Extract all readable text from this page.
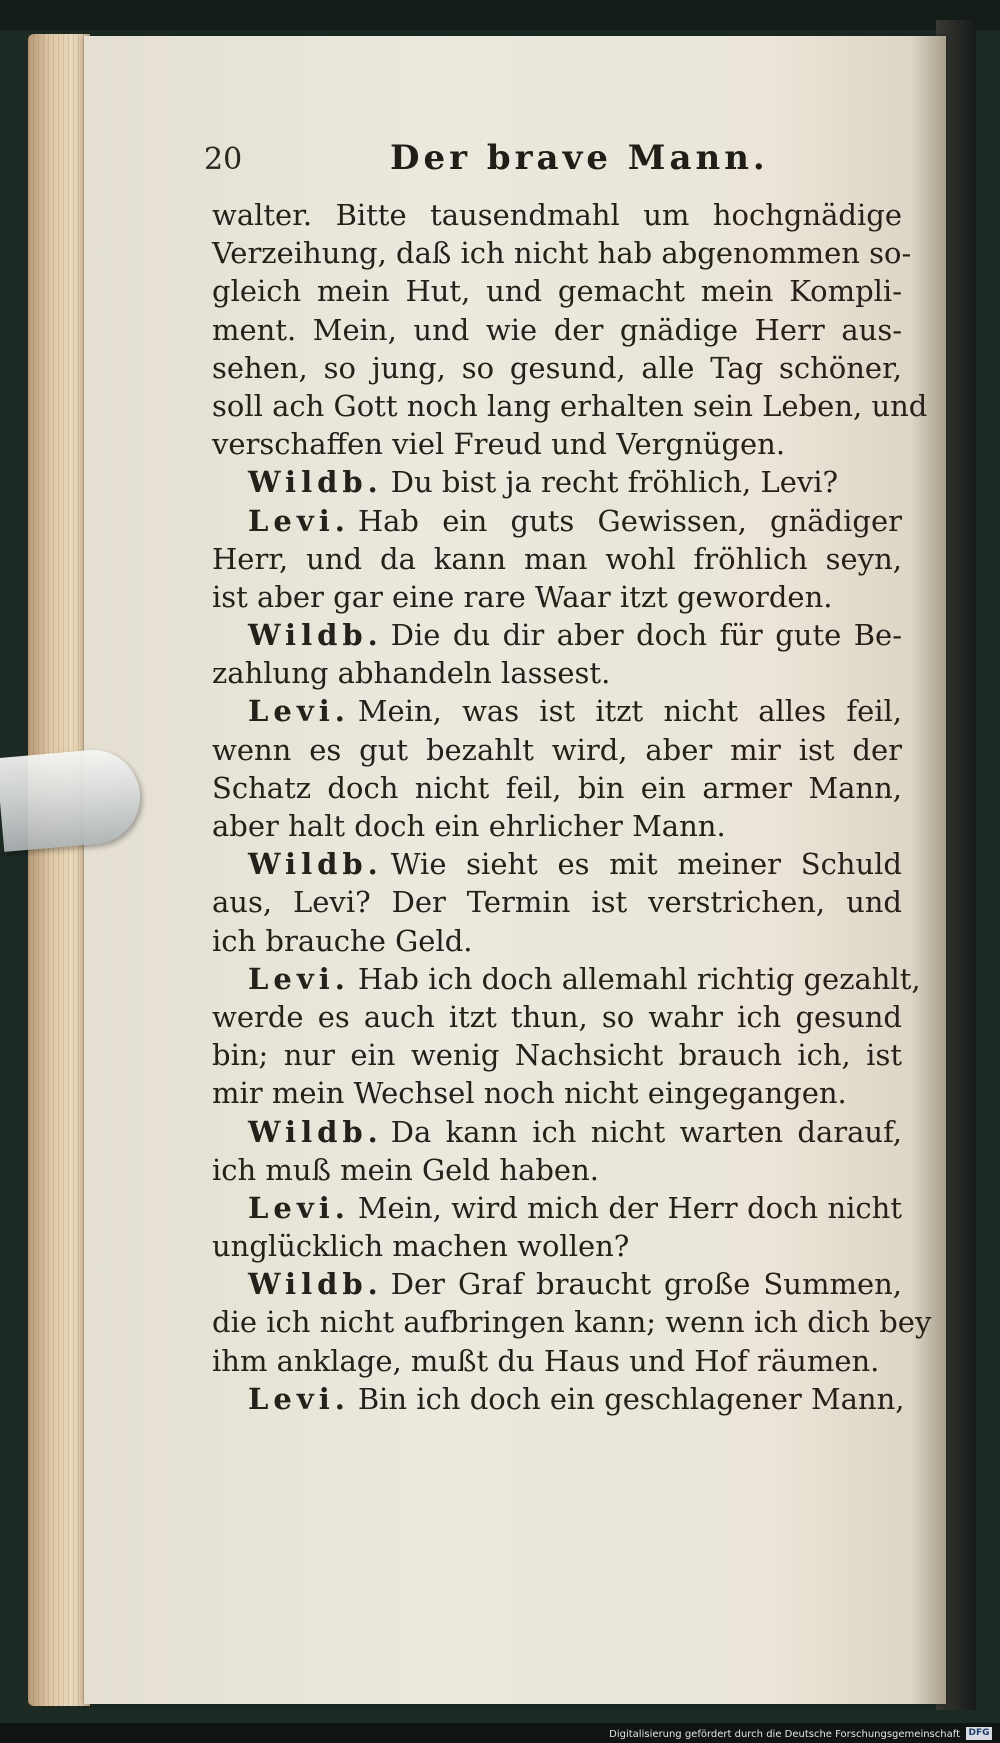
20	Der brave Mann.
walter. Bitte tausendmahl um hochgnädige
Verzeihung, daß ich nicht hab abgenommen so-
gleich mein Hut, und gemacht mein Kompli-
ment. Mein, und wie der gnädige Herr aus-
sehen, so jung, so gesund, alle Tag schöner,
soll ach Gott noch lang erhalten sein Leben, und
verschaffen viel Freud und Vergnügen.
Wildb. Du bist ja recht fröhlich, Levi?
Levi. Hab ein guts Gewissen, gnädiger
Herr, und da kann man wohl fröhlich seyn,
ist aber gar eine rare Waar itzt geworden.
Wildb. Die du dir aber doch für gute Be-
zahlung abhandeln lassest.
Levi. Mein, was ist itzt nicht alles feil,
wenn es gut bezahlt wird, aber mir ist der
Schatz doch nicht feil, bin ein armer Mann,
aber halt doch ein ehrlicher Mann.
Wildb. Wie sieht es mit meiner Schuld
aus, Levi? Der Termin ist verstrichen, und
ich brauche Geld.
Levi. Hab ich doch allemahl richtig gezahlt,
werde es auch itzt thun, so wahr ich gesund
bin; nur ein wenig Nachsicht brauch ich, ist
mir mein Wechsel noch nicht eingegangen.
Wildb. Da kann ich nicht warten darauf,
ich muß mein Geld haben.
Levi. Mein, wird mich der Herr doch nicht
unglücklich machen wollen?
Wildb. Der Graf braucht große Summen,
die ich nicht aufbringen kann; wenn ich dich bey
ihm anklage, mußt du Haus und Hof räumen.
Levi. Bin ich doch ein geschlagener Mann,
Digitalisierung gefördert durch die Deutsche Forschungsgemeinschaft DFG
